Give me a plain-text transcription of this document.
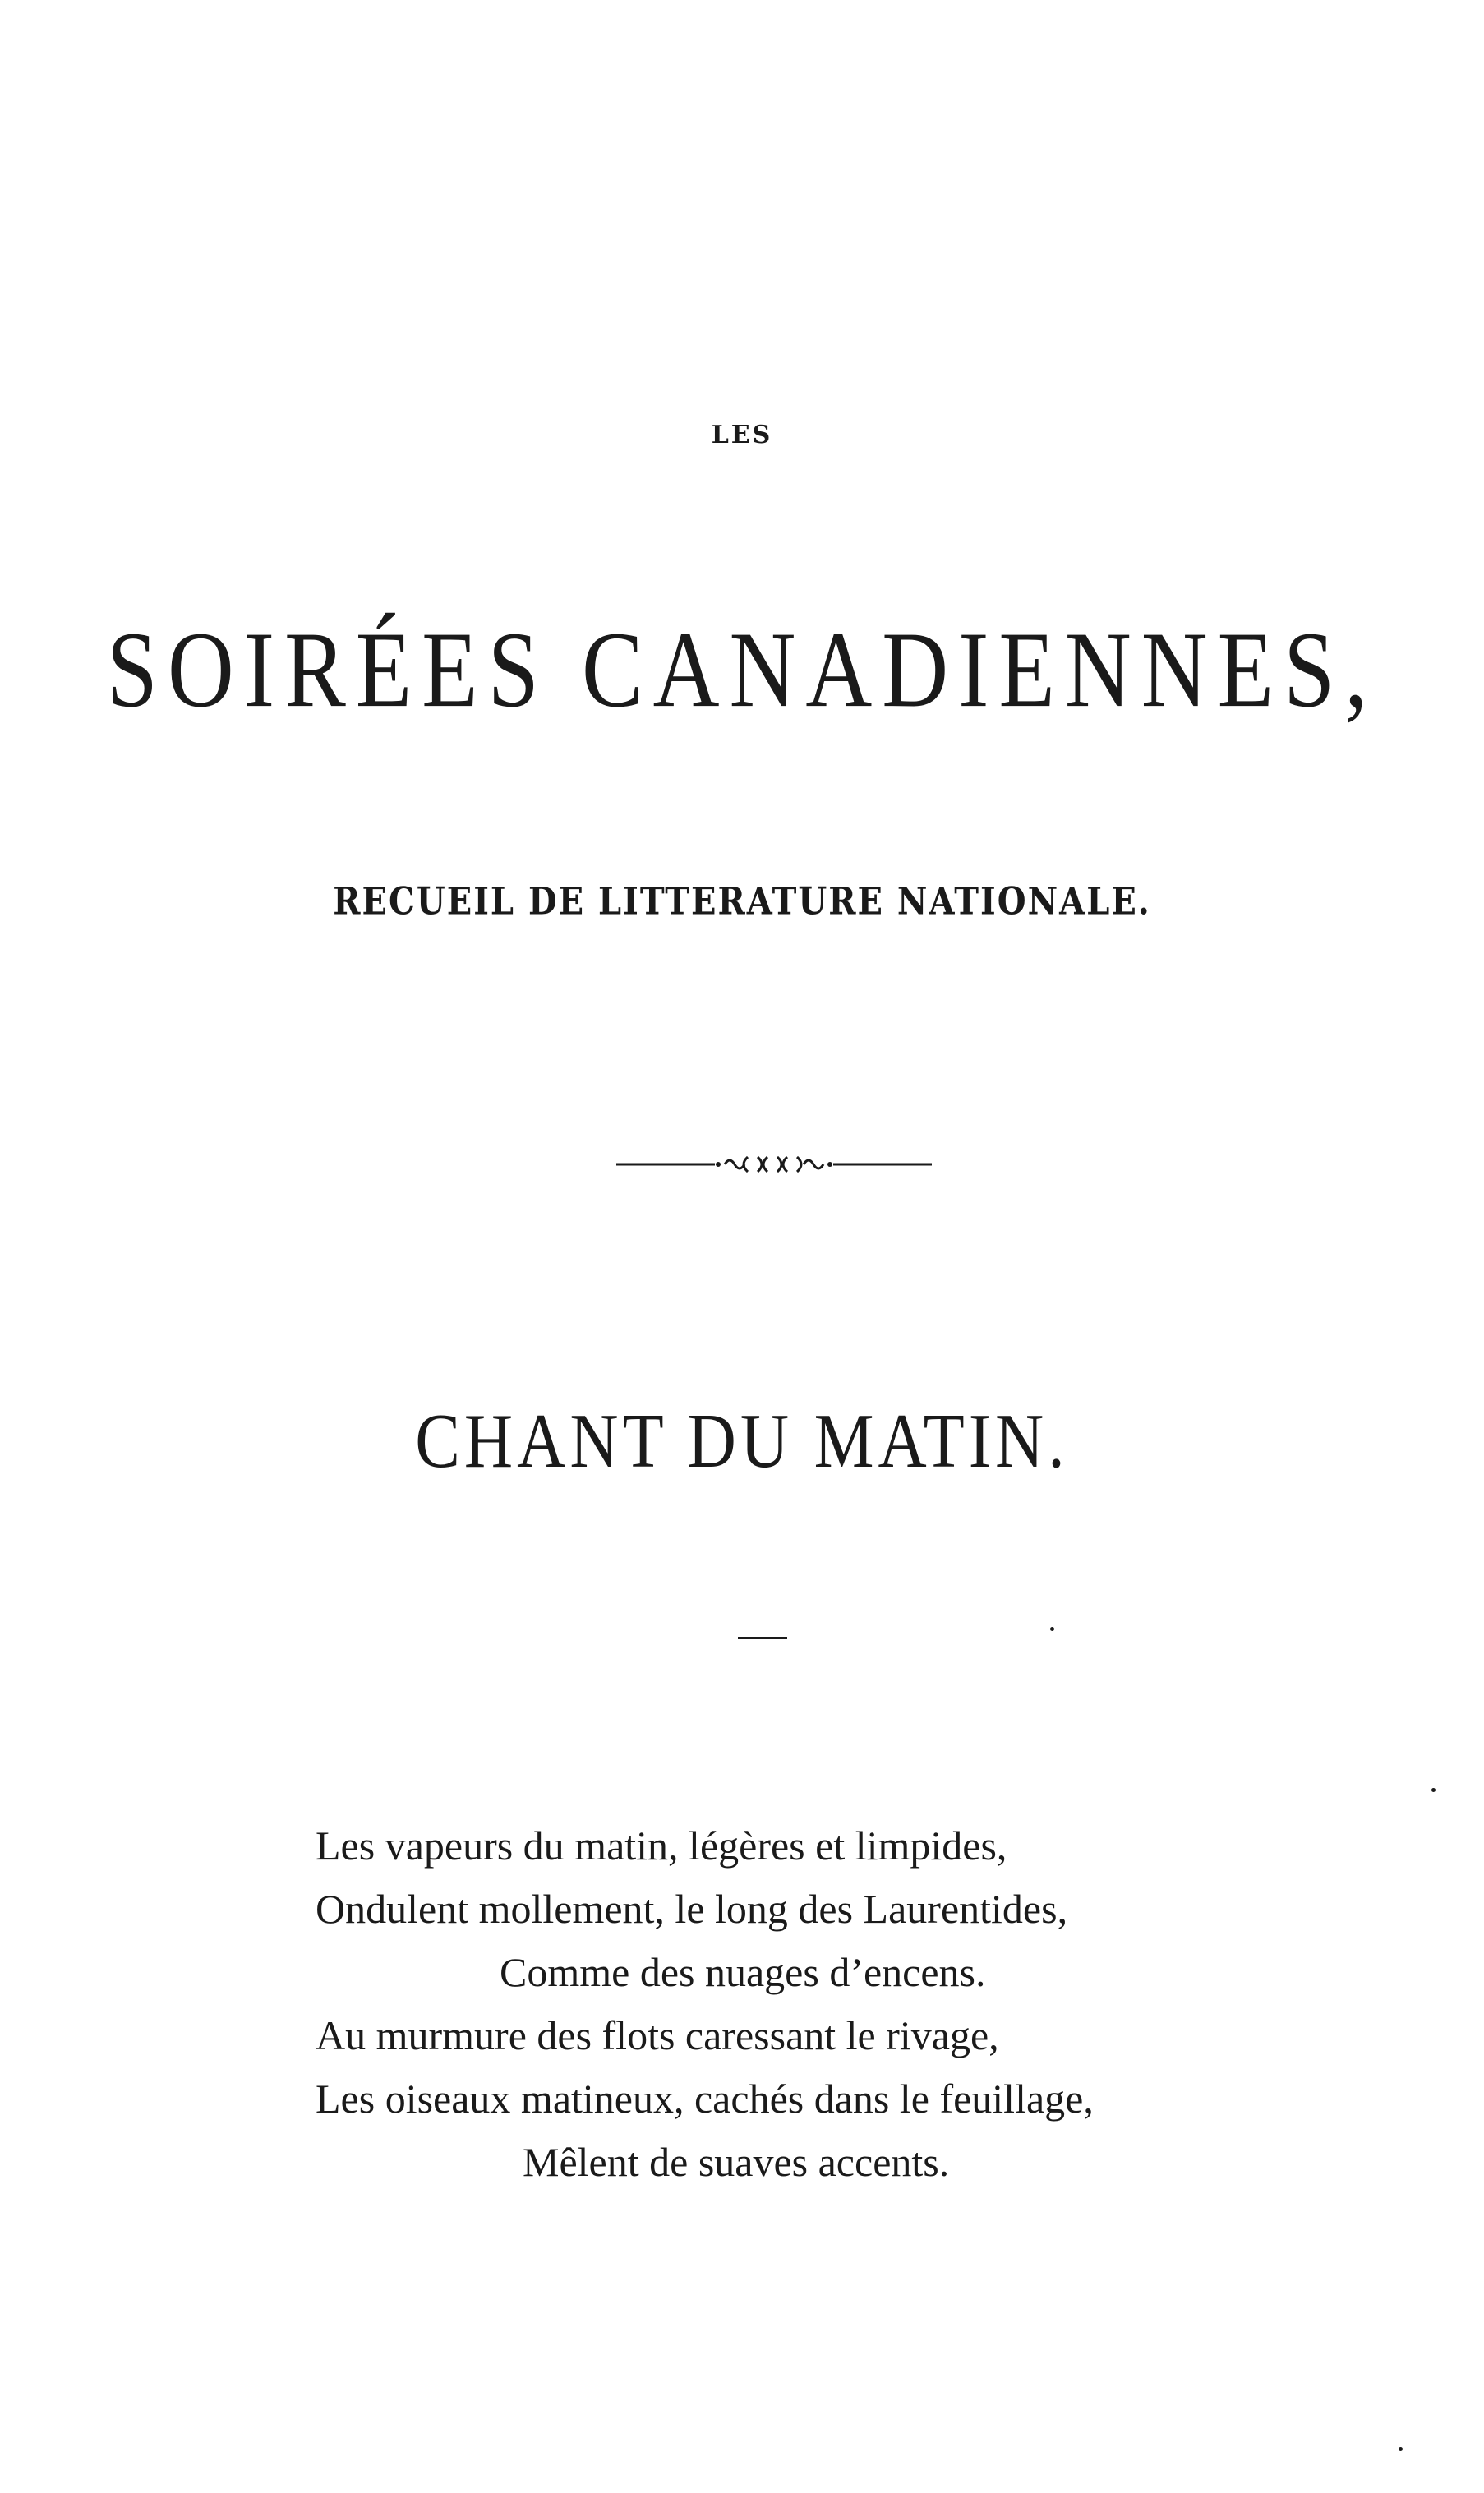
LES
SOIRÉES CANADIENNES,
RECUEIL DE LITTERATURE NATIONALE.
CHANT DU MATIN.
Les vapeurs du matin, légères et limpides,
Ondulent mollement, le long des Laurentides,
Comme des nuages d’encens.
Au murmure des flots caressant le rivage,
Les oiseaux matineux, cachés dans le feuillage,
Mêlent de suaves accents.
